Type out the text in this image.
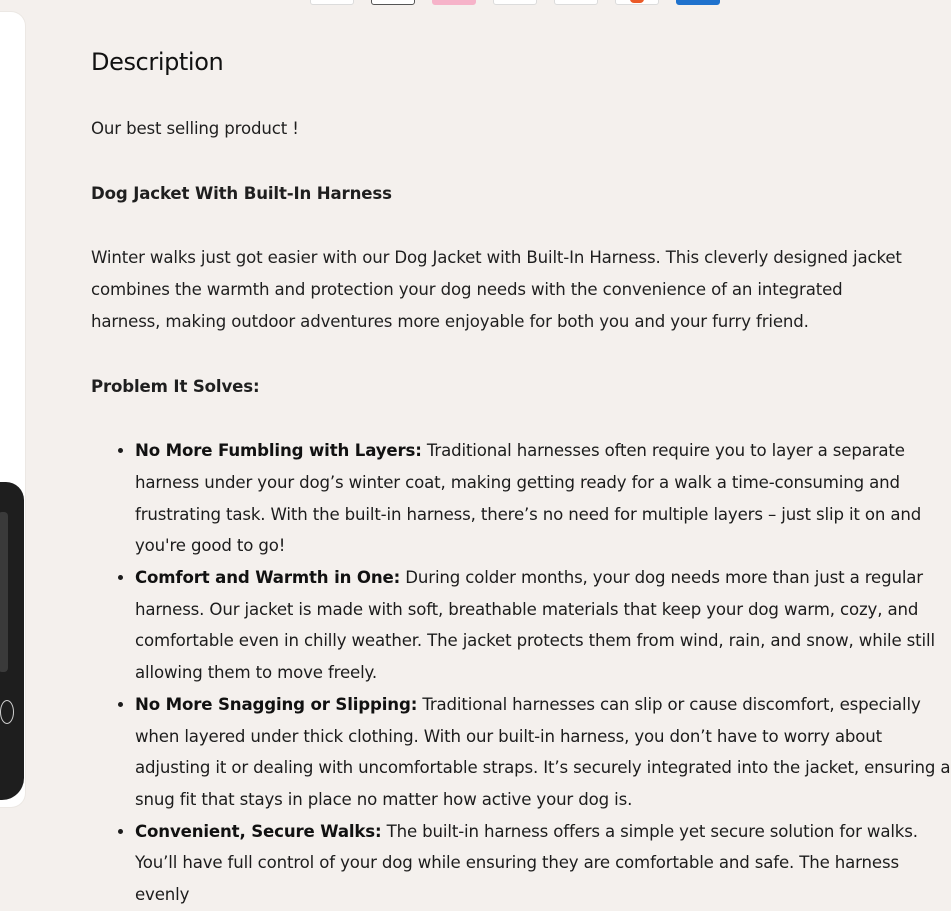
Description

Our best selling product !

Dog Jacket With Built-In Harness

Winter walks just got easier with our Dog Jacket with Built-In Harness. This cleverly designed jacket combines the warmth and protection your dog needs with the convenience of an integrated harness, making outdoor adventures more enjoyable for both you and your furry friend.

Problem It Solves:

• No More Fumbling with Layers: Traditional harnesses often require you to layer a separate harness under your dog’s winter coat, making getting ready for a walk a time-consuming and frustrating task. With the built-in harness, there’s no need for multiple layers – just slip it on and you're good to go!
• Comfort and Warmth in One: During colder months, your dog needs more than just a regular harness. Our jacket is made with soft, breathable materials that keep your dog warm, cozy, and comfortable even in chilly weather. The jacket protects them from wind, rain, and snow, while still allowing them to move freely.
• No More Snagging or Slipping: Traditional harnesses can slip or cause discomfort, especially when layered under thick clothing. With our built-in harness, you don’t have to worry about adjusting it or dealing with uncomfortable straps. It’s securely integrated into the jacket, ensuring a snug fit that stays in place no matter how active your dog is.
• Convenient, Secure Walks: The built-in harness offers a simple yet secure solution for walks. You’ll have full control of your dog while ensuring they are comfortable and safe. The harness evenly
